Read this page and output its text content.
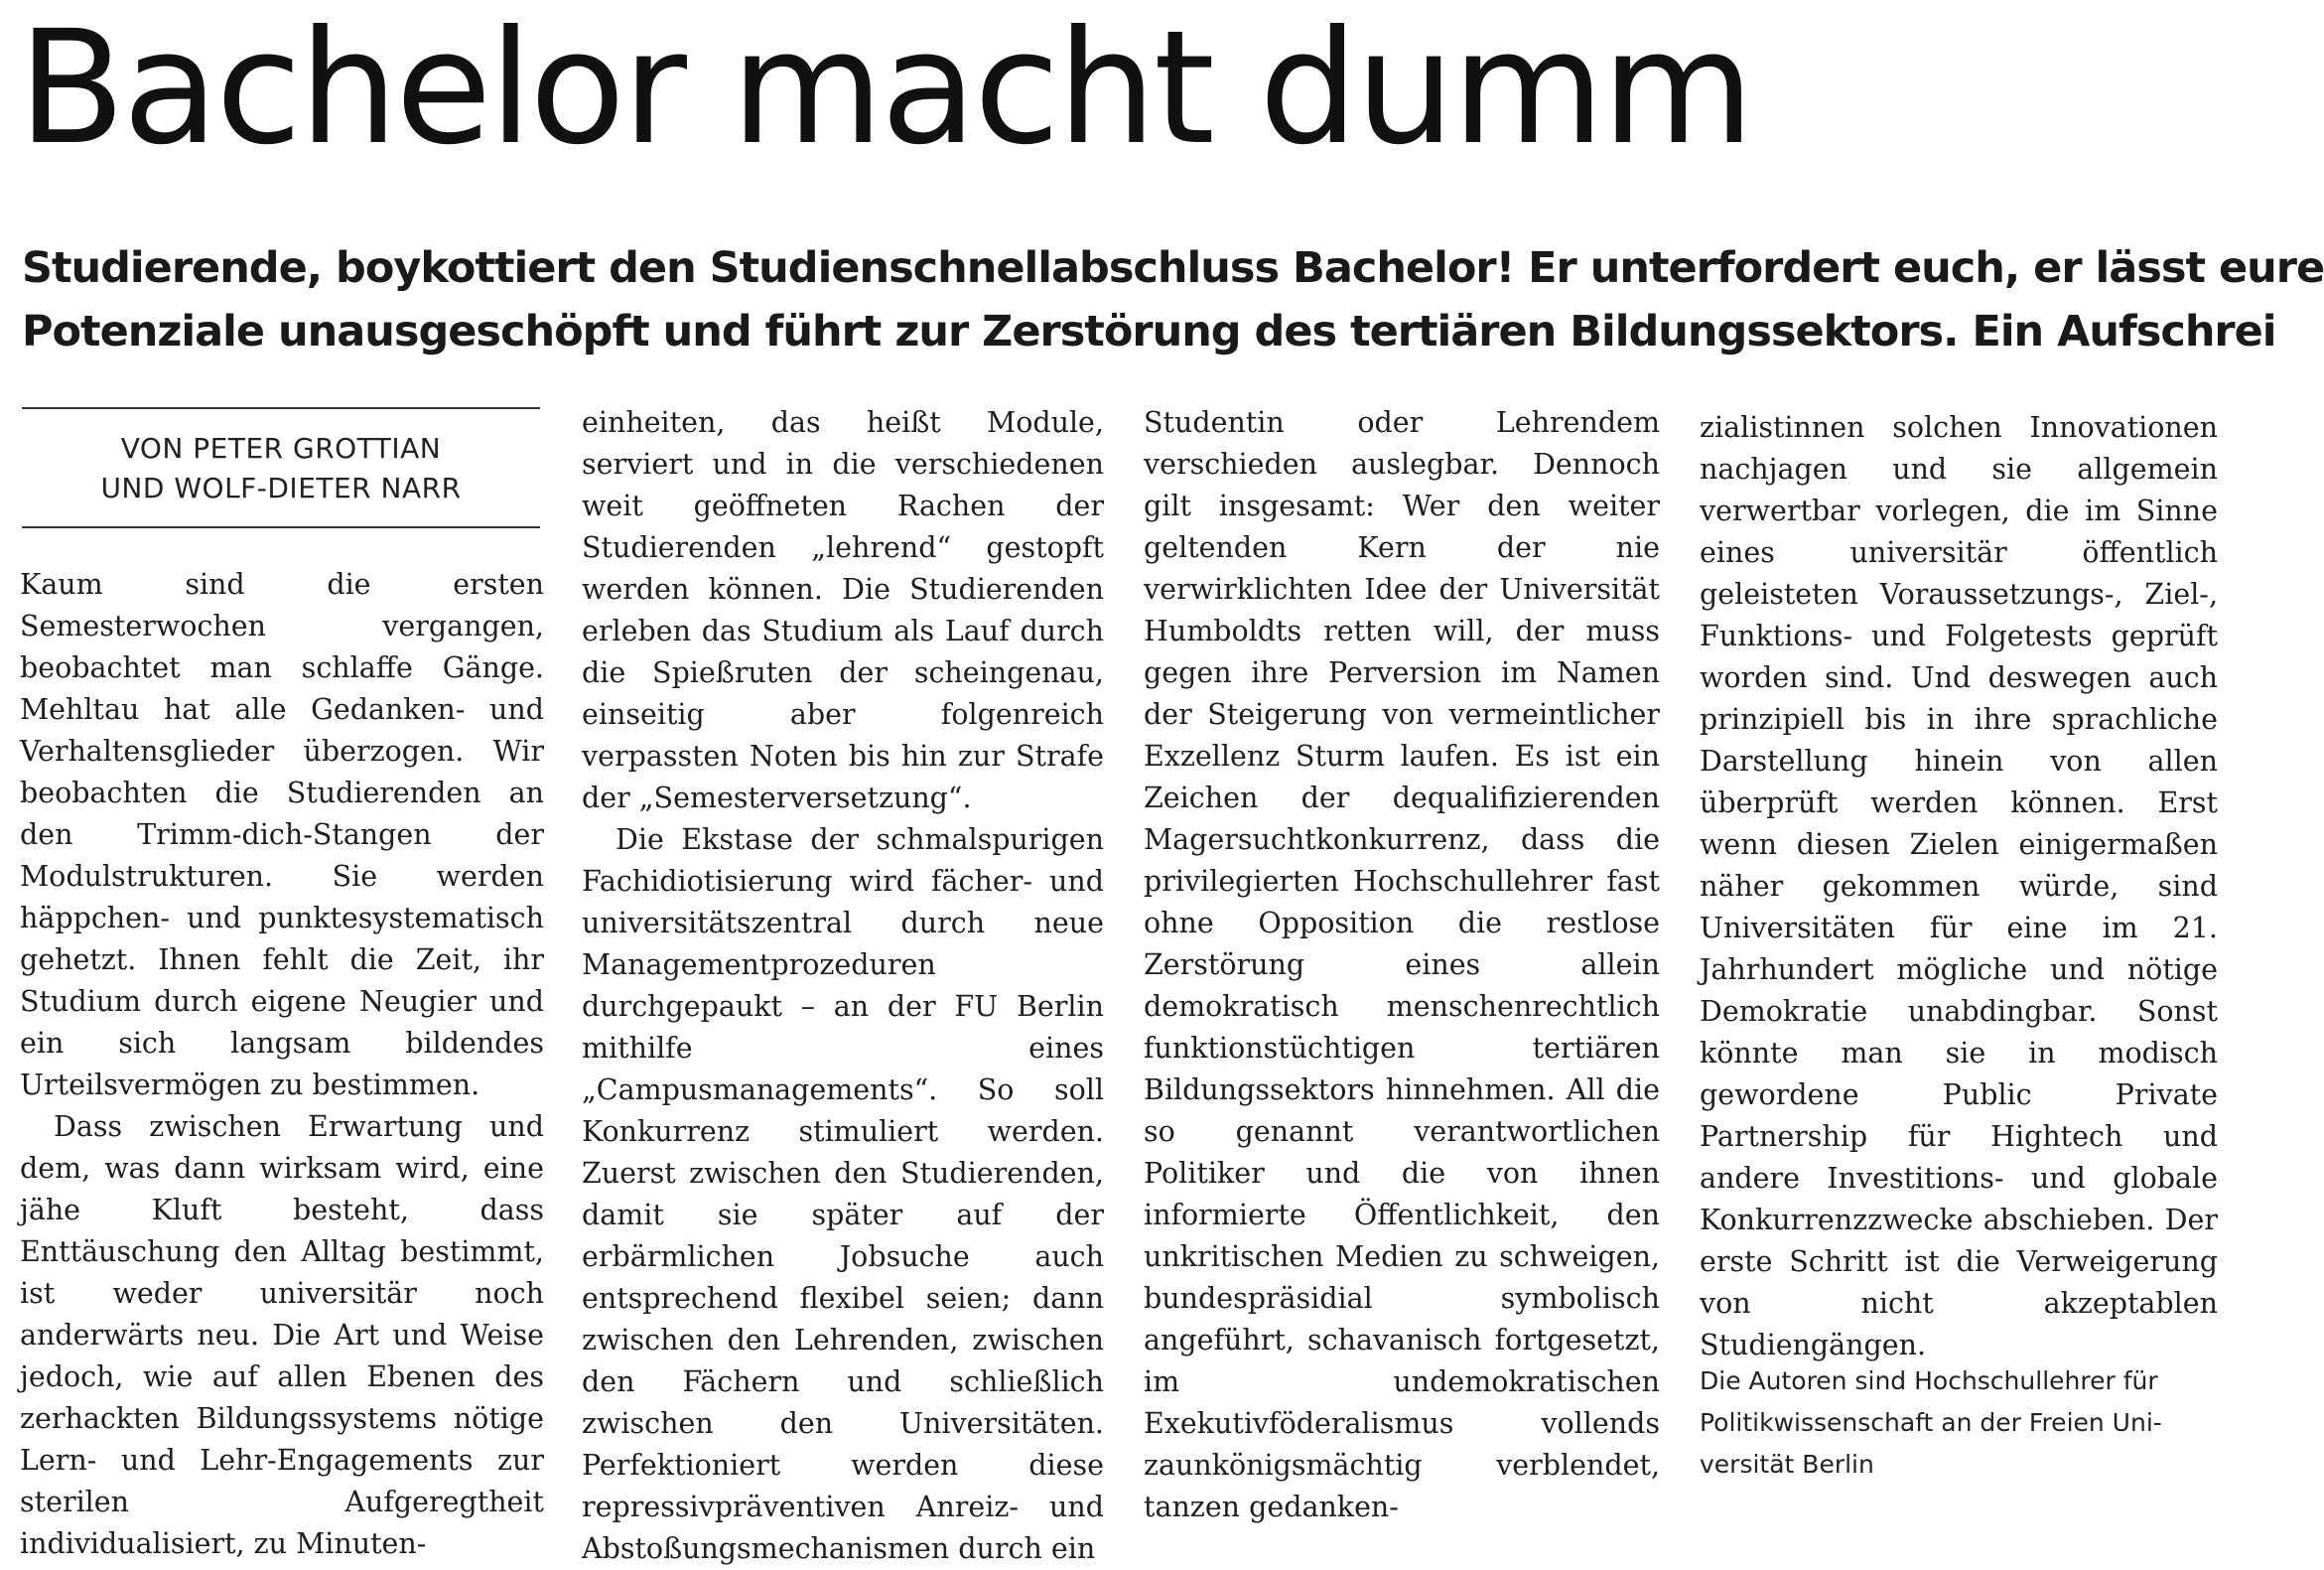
Bachelor macht dumm
Studierende, boykottiert den Studienschnellabschluss Bachelor! Er unterfordert euch, er lässt eure
Potenziale unausgeschöpft und führt zur Zerstörung des tertiären Bildungssektors. Ein Aufschrei
VON PETER GROTTIAN
UND WOLF-DIETER NARR

Kaum sind die ersten Semesterwochen vergangen, beobachtet man schlaffe Gänge. Mehltau hat alle Gedanken- und Verhaltensglieder überzogen. Wir beobachten die Studierenden an den Trimm-dich-Stangen der Modulstrukturen. Sie werden häppchen- und punktesystematisch gehetzt. Ihnen fehlt die Zeit, ihr Studium durch eigene Neugier und ein sich langsam bildendes Urteilsvermögen zu bestimmen.

Dass zwischen Erwartung und dem, was dann wirksam wird, eine jähe Kluft besteht, dass Enttäuschung den Alltag bestimmt, ist weder universitär noch anderwärts neu. Die Art und Weise jedoch, wie auf allen Ebenen des zerhackten Bildungssystems nötige Lern- und Lehr-Engagements zur sterilen Aufgeregtheit individualisiert, zu Minuten-

einheiten, das heißt Module, serviert und in die verschiedenen weit geöffneten Rachen der Studierenden „lehrend“ gestopft werden können. Die Studierenden erleben das Studium als Lauf durch die Spießruten der scheingenau, einseitig aber folgenreich verpassten Noten bis hin zur Strafe der „Semesterversetzung“.

Die Ekstase der schmalspurigen Fachidiotisierung wird fächer- und universitätszentral durch neue Managementprozeduren durchgepaukt – an der FU Berlin mithilfe eines „Campusmanagements“. So soll Konkurrenz stimuliert werden. Zuerst zwischen den Studierenden, damit sie später auf der erbärmlichen Jobsuche auch entsprechend flexibel seien; dann zwischen den Lehrenden, zwischen den Fächern und schließlich zwischen den Universitäten. Perfektioniert werden diese repressivpräventiven Anreiz- und Abstoßungsmechanismen durch ein

Studentin oder Lehrendem verschieden auslegbar. Dennoch gilt insgesamt: Wer den weiter geltenden Kern der nie verwirklichten Idee der Universität Humboldts retten will, der muss gegen ihre Perversion im Namen der Steigerung von vermeintlicher Exzellenz Sturm laufen. Es ist ein Zeichen der dequalifizierenden Magersuchtkonkurrenz, dass die privilegierten Hochschullehrer fast ohne Opposition die restlose Zerstörung eines allein demokratisch menschenrechtlich funktionstüchtigen tertiären Bildungssektors hinnehmen. All die so genannt verantwortlichen Politiker und die von ihnen informierte Öffentlichkeit, den unkritischen Medien zu schweigen, bundespräsidial symbolisch angeführt, schavanisch fortgesetzt, im undemokratischen Exekutivföderalismus vollends zaunkönigsmächtig verblendet, tanzen gedanken-

zialistinnen solchen Innovationen nachjagen und sie allgemein verwertbar vorlegen, die im Sinne eines universitär öffentlich geleisteten Voraussetzungs-, Ziel-, Funktions- und Folgetests geprüft worden sind. Und deswegen auch prinzipiell bis in ihre sprachliche Darstellung hinein von allen überprüft werden können. Erst wenn diesen Zielen einigermaßen näher gekommen würde, sind Universitäten für eine im 21. Jahrhundert mögliche und nötige Demokratie unabdingbar. Sonst könnte man sie in modisch gewordene Public Private Partnership für Hightech und andere Investitions- und globale Konkurrenzzwecke abschieben. Der erste Schritt ist die Verweigerung von nicht akzeptablen Studiengängen.

Die Autoren sind Hochschullehrer für
Politikwissenschaft an der Freien Uni-
versität Berlin
